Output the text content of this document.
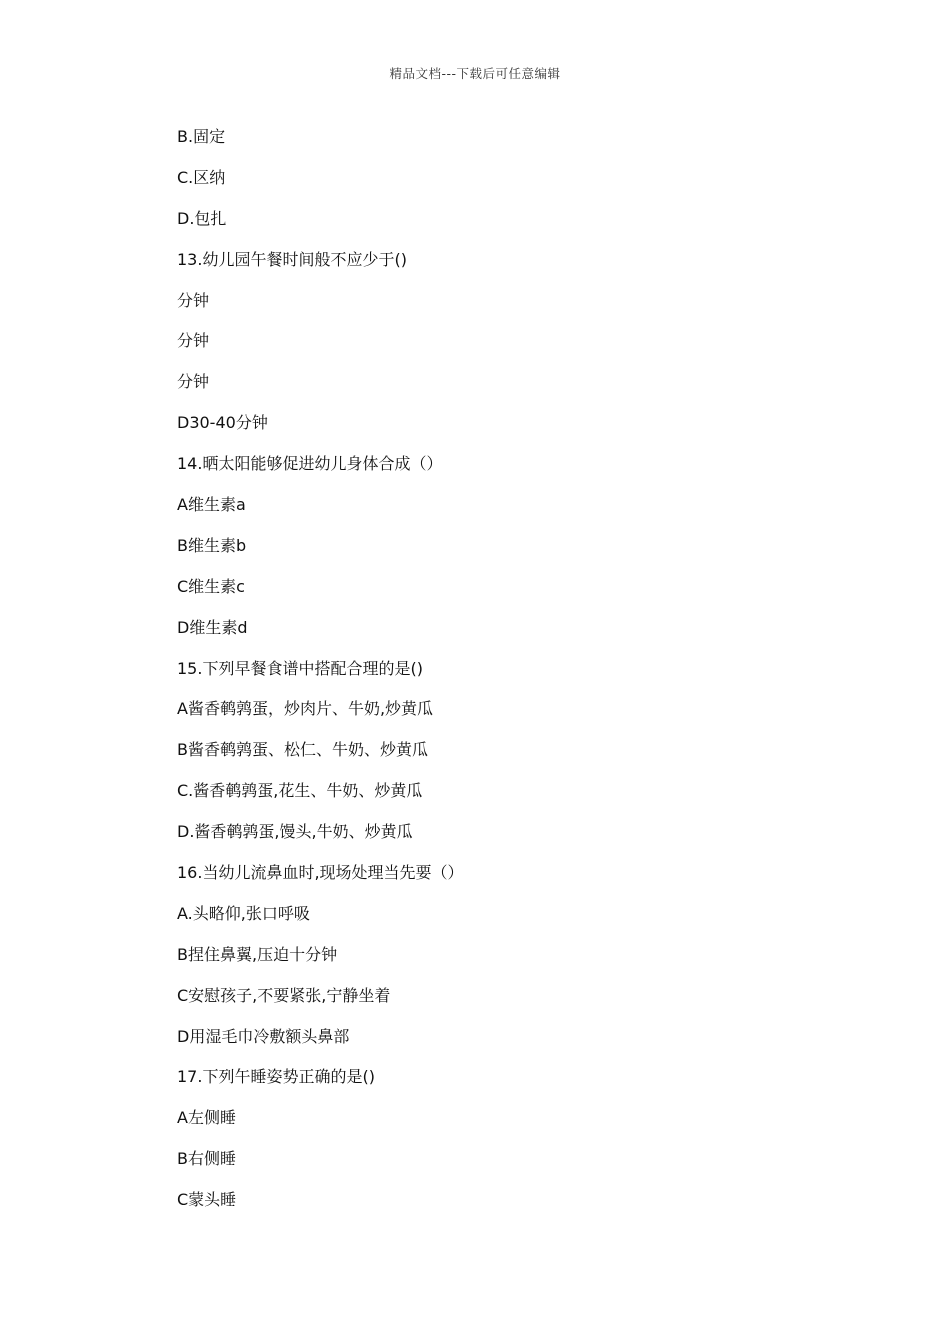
精品文档---下载后可任意编辑
B.固定
C.区纳
D.包扎
13.幼儿园午餐时间般不应少于()
分钟
分钟
分钟
D30-40分钟
14.晒太阳能够促进幼儿身体合成（）
A维生素a
B维生素b
C维生素c
D维生素d
15.下列早餐食谱中搭配合理的是()
A酱香鹌鹑蛋，炒肉片、牛奶,炒黄瓜
B酱香鹌鹑蛋、松仁、牛奶、炒黄瓜
C.酱香鹌鹑蛋,花生、牛奶、炒黄瓜
D.酱香鹌鹑蛋,馒头,牛奶、炒黄瓜
16.当幼儿流鼻血时,现场处理当先要（）
A.头略仰,张口呼吸
B捏住鼻翼,压迫十分钟
C安慰孩子,不要紧张,宁静坐着
D用湿毛巾冷敷额头鼻部
17.下列午睡姿势正确的是()
A左侧睡
B右侧睡
C蒙头睡
